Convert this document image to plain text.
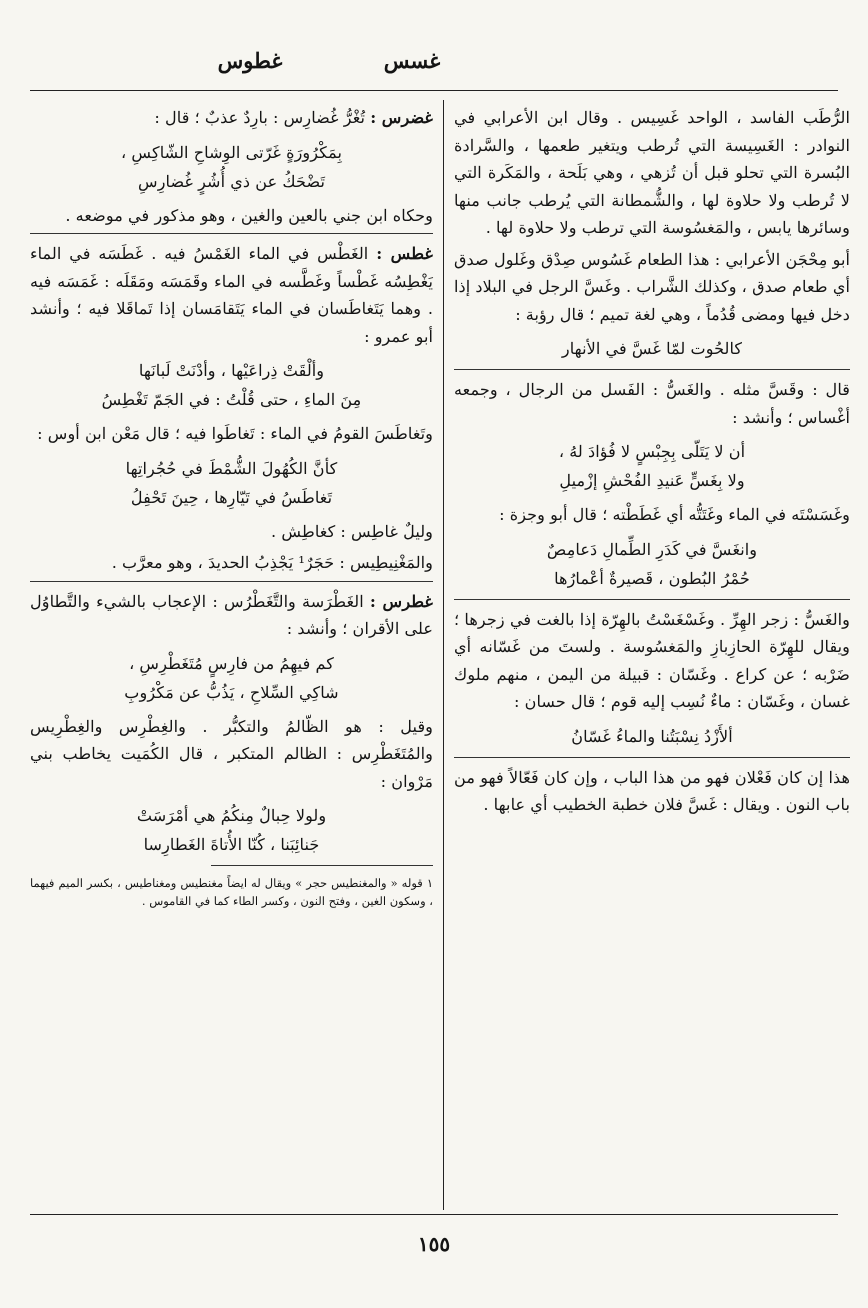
غسس
غطوس

الرُّطَب الفاسد ، الواحد غَسِيس . وقال ابن الأعرابي في النوادر : الغَسِيسة التي تُرطب ويتغير طعمها ، والسَّرادة البُسرة التي تحلو قبل أن تُزهي ، وهي بَلَحة ، والمَكَرة التي لا تُرطب ولا حلاوة لها ، والشُّمطانة التي يُرطب جانب منها وسائرها يابس ، والمَغسُوسة التي ترطب ولا حلاوة لها .

أبو مِحْجَن الأعرابي : هذا الطعام غَسُوس صِدْق وغَلول صدق أي طعام صدق ، وكذلك الشَّراب . وغَسَّ الرجل في البلاد إذا دخل فيها ومضى قُدُماً ، وهي لغة تميم ؛ قال رؤبة :

كالحُوت لمّا غَسَّ في الأنهار

قال : وقَسَّ مثله . والغَسُّ : الفَسل من الرجال ، وجمعه أغْساس ؛ وأنشد :

أن لا يَتَلّى بِجِبْسٍ لا فُؤادَ لهُ ،
ولا بِغَسٍّ عَنيدِ الفُحْشِ إزْميلِ

وغَسَسْتَه في الماء وغَتَتُّه أي غَطَطْته ؛ قال أبو وجزة :

وانغَسَّ في كَدَرِ الطِّمالِ دَعامِصٌ
حُمْرُ البُطون ، قَصيرةٌ أعْمارُها

والغَسُّ : زجر الهِرِّ . وغَسْغَسْتُ بالهِرّة إذا بالغت في زجرها ؛ ويقال للهِرّة الحازِبازِ والمَغسُوسة . ولستَ من غَسّانه أي ضَرْبه ؛ عن كراع . وغَسّان : قبيلة من اليمن ، منهم ملوك غسان ، وغَسّان : ماءٌ نُسِب إليه قوم ؛ قال حسان :

ألأَزْدُ نِسْبَتُنا والماءُ غَسّانُ

هذا إن كان فَعْلان فهو من هذا الباب ، وإن كان فَعّالاً فهو من باب النون . ويقال : غَسَّ فلان خطبة الخطيب أي عابها .

غضرس : تُغْرُّ غُضارِس : بارِدٌ عذبٌ ؛ قال :

بِمَكْرُورَةٍ غَرّتى الوِشاحِ الشّاكِسِ ،
تَضْحَكُ عن ذي أُشُرٍ غُضارِسِ

وحكاه ابن جني بالعين والغين ، وهو مذكور في موضعه .

غطس : الغَطْس في الماء الغَمْسُ فيه . غَطَسَه في الماء يَغْطِسُه غَطْساً وغَطَّسه في الماء وقَمَسَه ومَقَلَه : غَمَسَه فيه . وهما يَتَغاطَسان في الماء يَتَقامَسان إذا تَماقَلا فيه ؛ وأنشد أبو عمرو :

وألْقَتْ ذِراعَيْها ، وأدْنَتْ لَبانَها
مِنَ الماءِ ، حتى قُلْتُ : في الجَمّ تَغْطِسُ

وتَغاطَسَ القومُ في الماء : تَغاطَوا فيه ؛ قال مَعْن ابن أوس :

كأنَّ الكُهُولَ الشُّمْطَ في حُجُراتِها
تَغاطَسُ في تَيّارِها ، حِينَ تَحْفِلُ

وليلٌ غاطِس : كغاطِش .

والمَغْنِيطِيس : حَجَرٌ¹ يَجْذِبُ الحديدَ ، وهو معرَّب .

غطرس : الغَطْرَسة والتَّغَطْرُس : الإعجاب بالشيء والتَّطاوُل على الأقران ؛ وأنشد :

كم فيهِمُ من فارِسٍ مُتَغَطْرِسِ ،
شاكِي السِّلاحِ ، يَذُبُّ عن مَكْرُوبِ

وقيل : هو الظّالمُ والتكبُّر . والغِطْرِس والغِطْرِيس والمُتَغَطْرِس : الظالم المتكبر ، قال الكُمَيت يخاطب بني مَرْوان :

ولولا حِبالٌ مِنكُمُ هي أمْرَسَتْ
جَنائِبَنا ، كُنّا الأُتاةَ الغَطارِسا
١ قوله « والمغنطيس حجر » ويقال له ايضاً مغنطيس ومغناطيس ، بكسر الميم فيهما ، وسكون الغين ، وفتح النون ، وكسر الطاء كما في القاموس .
١٥٥
